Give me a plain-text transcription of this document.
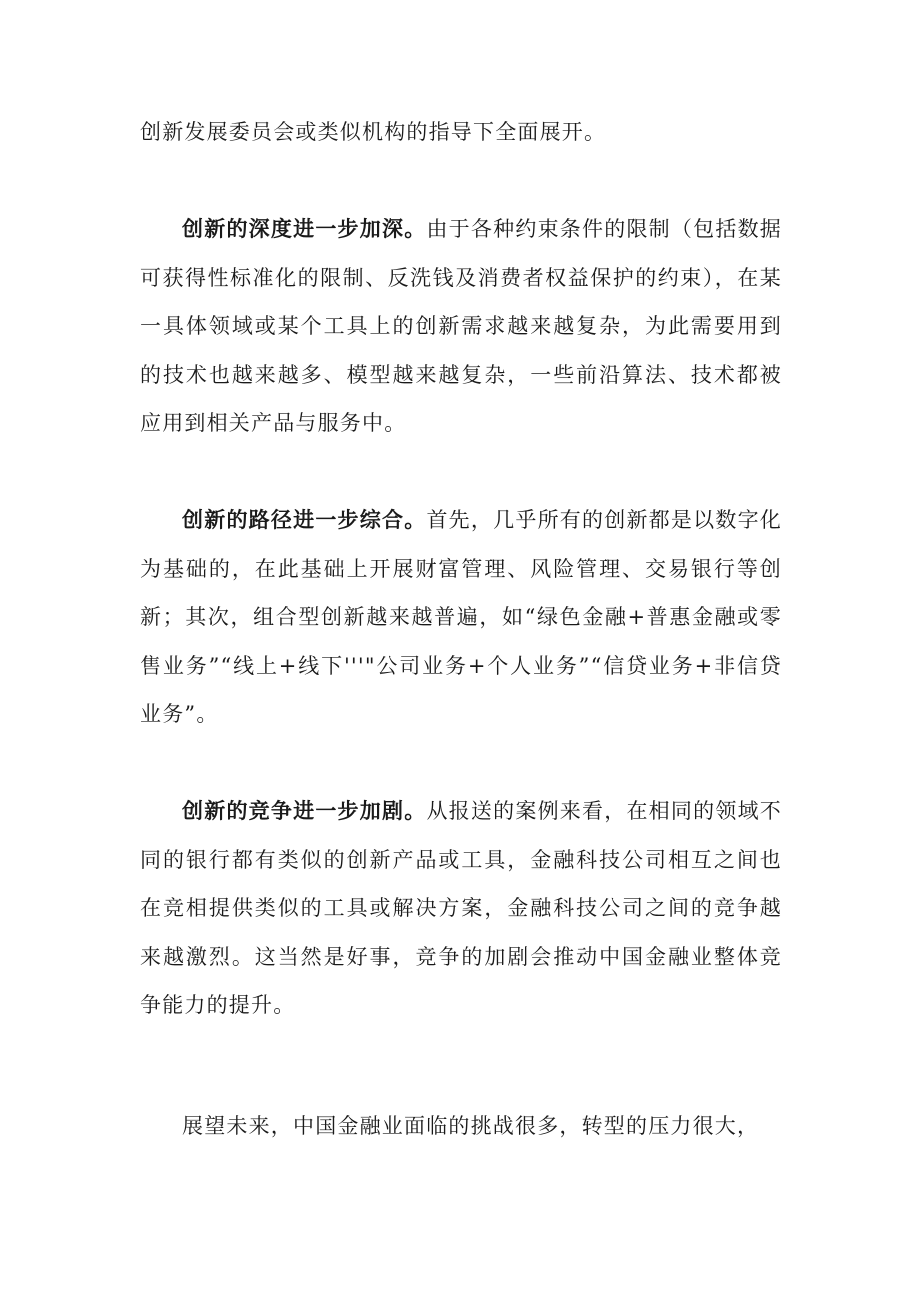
创新发展委员会或类似机构的指导下全面展开。

创新的深度进一步加深。由于各种约束条件的限制（包括数据可获得性标准化的限制、反洗钱及消费者权益保护的约束），在某一具体领域或某个工具上的创新需求越来越复杂，为此需要用到的技术也越来越多、模型越来越复杂，一些前沿算法、技术都被应用到相关产品与服务中。

创新的路径进一步综合。首先，几乎所有的创新都是以数字化为基础的，在此基础上开展财富管理、风险管理、交易银行等创新；其次，组合型创新越来越普遍，如“绿色金融+普惠金融或零售业务”“线上+线下'''"公司业务+个人业务”“信贷业务+非信贷业务”。

创新的竞争进一步加剧。从报送的案例来看，在相同的领域不同的银行都有类似的创新产品或工具，金融科技公司相互之间也在竞相提供类似的工具或解决方案，金融科技公司之间的竞争越来越激烈。这当然是好事，竞争的加剧会推动中国金融业整体竞争能力的提升。

展望未来，中国金融业面临的挑战很多，转型的压力很大，
